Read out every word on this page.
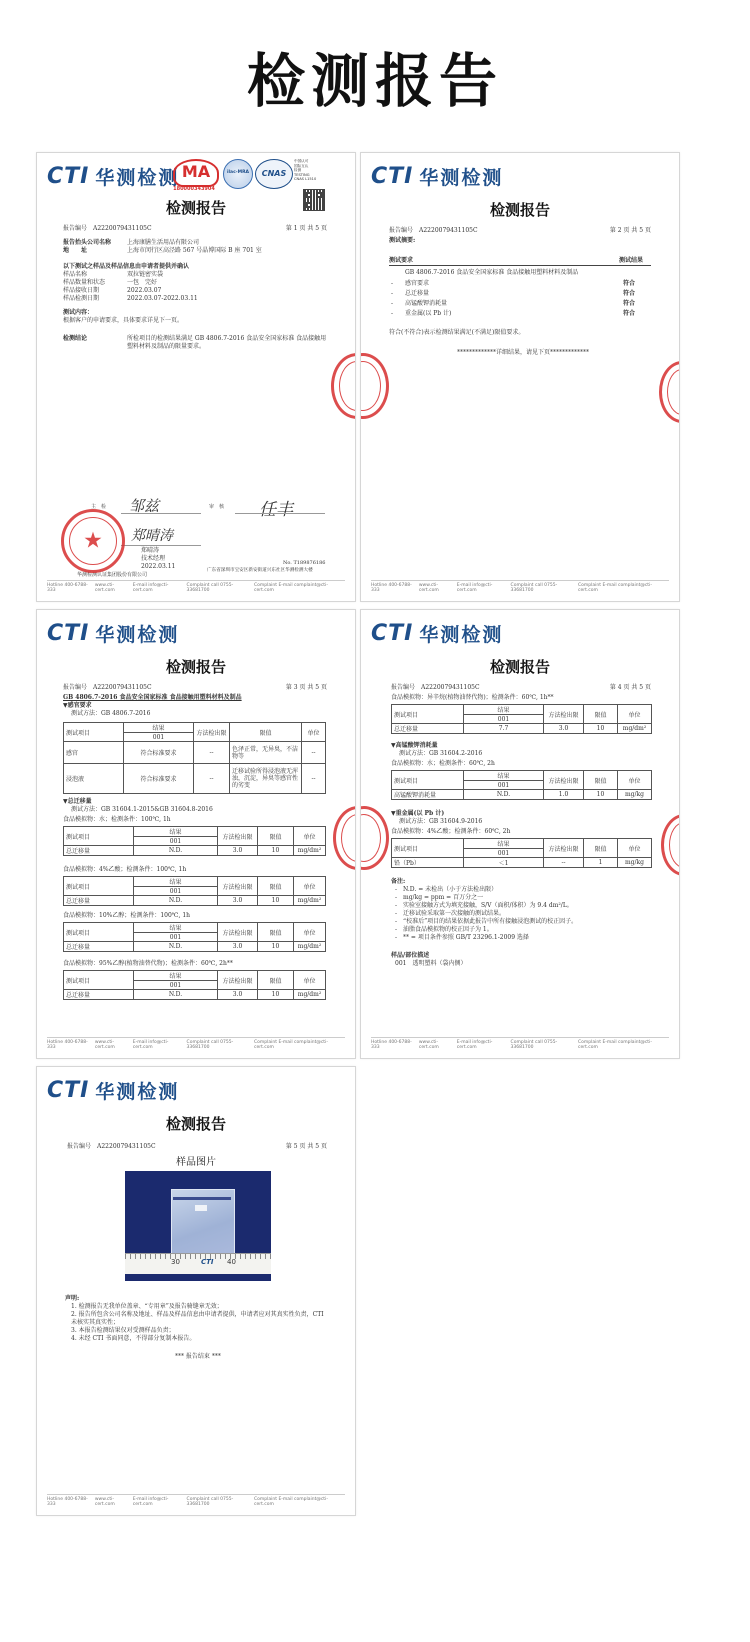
检测报告
CTI 华测检测 MA
180000343904
ilac-MRA	CNAS
中国认可
国际互认
检测
TESTING
CNAS L1510
检测报告
报告编号　 A2220079431105C	第 1 页 共 5 页
报告抬头公司名称	上海康膳生活用品有限公司
地　　址	上海市闵行区高泾路 567 号晶博国际 B 座 701 室
以下测试之样品及样品信息由申请者提供并确认
样品名称	双拉链密实袋
样品数量和状态	一包　完好
样品接收日期	2022.03.07
样品检测日期	2022.03.07-2022.03.11
测试内容：
根据客户的申请要求，具体要求详见下一页。
检测结论	所检项目的检测结果满足 GB 4806.7-2016 食品安全国家标准 食品接触用塑料材料及制品的限量要求。
主　检 邹兹	审　核 任丰
郑晴涛
郑晴涛
技术经理
2022.03.11
华测检测认证集团股份有限公司
No. T189876186
广东省深圳市宝安区新安街道兴东社区华测检测大楼
★
Hotline 400-6788-333
www.cti-cert.com
E-mail info@cti-cert.com
Complaint call 0755-33681700
Complaint E-mail complaint@cti-cert.com
CTI 华测检测
检测报告
报告编号　 A2220079431105C	第 2 页 共 5 页
测试摘要:
测试要求	测试结果
GB 4806.7-2016 食品安全国家标准 食品接触用塑料材料及制品
- 感官要求	符合
- 总迁移量	符合
- 高锰酸钾消耗量	符合
- 重金属(以 Pb 计)	符合
符合(不符合)表示检测结果满足(不满足)限值要求。
*************详细结果，请见下页*************
Hotline 400-6788-333
www.cti-cert.com
E-mail info@cti-cert.com
Complaint call 0755-33681700
Complaint E-mail complaint@cti-cert.com
CTI 华测检测
检测报告
报告编号　 A2220079431105C	第 3 页 共 5 页
GB 4806.7-2016 食品安全国家标准 食品接触用塑料材料及制品
▼感官要求
测试方法：GB 4806.7-2016
测试项目	结果	方法检出限	限值	单位
	001			
感官	符合标准要求	--	色泽正常，无异臭，不洁物等	--
浸泡液	符合标准要求	--	迁移试验所得浸泡液无浑浊，沉淀，异臭等感官性的劣变	--
▼总迁移量
测试方法：GB 31604.1-2015&GB 31604.8-2016
食品模拟物：水；检测条件：100℃, 1h
测试项目	结果	方法检出限	限值	单位
	001			
总迁移量	N.D.	3.0	10	mg/dm²
食品模拟物：4%乙酸；检测条件：100℃, 1h
测试项目	结果	方法检出限	限值	单位
	001			
总迁移量	N.D.	3.0	10	mg/dm²
食品模拟物：10%乙醇；检测条件：100℃, 1h
测试项目	结果	方法检出限	限值	单位
	001			
总迁移量	N.D.	3.0	10	mg/dm²
食品模拟物：95%乙醇(植物油替代物)；检测条件：60℃, 2h**
测试项目	结果	方法检出限	限值	单位
	001			
总迁移量	N.D.	3.0	10	mg/dm²
Hotline 400-6788-333
www.cti-cert.com
E-mail info@cti-cert.com
Complaint call 0755-33681700
Complaint E-mail complaint@cti-cert.com
CTI 华测检测
检测报告
报告编号　 A2220079431105C	第 4 页 共 5 页
食品模拟物：异辛烷(植物油替代物)；检测条件：60℃, 1h**
测试项目	结果	方法检出限	限值	单位
	001			
总迁移量	7.7	3.0	10	mg/dm²
▼高锰酸钾消耗量
测试方法：GB 31604.2-2016
食品模拟物：水；检测条件：60℃, 2h
测试项目	结果	方法检出限	限值	单位
	001			
高锰酸钾消耗量	N.D.	1.0	10	mg/kg
▼重金属(以 Pb 计)
测试方法：GB 31604.9-2016
食品模拟物：4%乙酸；检测条件：60℃, 2h
测试项目	结果	方法检出限	限值	单位
	001			
铅（Pb）	＜1	--	1	mg/kg
备注:
-　N.D. = 未检出（小于方法检出限）
-　mg/kg = ppm = 百万分之一
-　实验室接触方式为填充接触，S/V（面积/体积）为 9.4 dm²/L。
-　迁移试验采取第一次接触的测试结果。
-　“校准后”项目的结果依据此报告中所有接触浸泡测试的校正因子。
-　油脂食品模拟物的校正因子为 1。
-　** = 项目条件参照 GB/T 23296.1-2009 选择
样品/部位描述
001　透明塑料（袋内侧）
Hotline 400-6788-333
www.cti-cert.com
E-mail info@cti-cert.com
Complaint call 0755-33681700
Complaint E-mail complaint@cti-cert.com
CTI 华测检测
检测报告
报告编号　 A2220079431105C	第 5 页 共 5 页
样品图片
30	CTI 40
声明:
1. 检测报告无我单位盖章、“专用章”及报告骑缝章无效；
2. 报告所包含公司名称及地址、样品及样品信息由申请者提供，申请者应对其真实性负责，CTI 未核实其真实性；
3. 本报告检测结果仅对受测样品负责；
4. 未经 CTI 书面同意，不得部分复制本报告。
*** 报告结束 ***
Hotline 400-6788-333
www.cti-cert.com
E-mail info@cti-cert.com
Complaint call 0755-33681700
Complaint E-mail complaint@cti-cert.com
